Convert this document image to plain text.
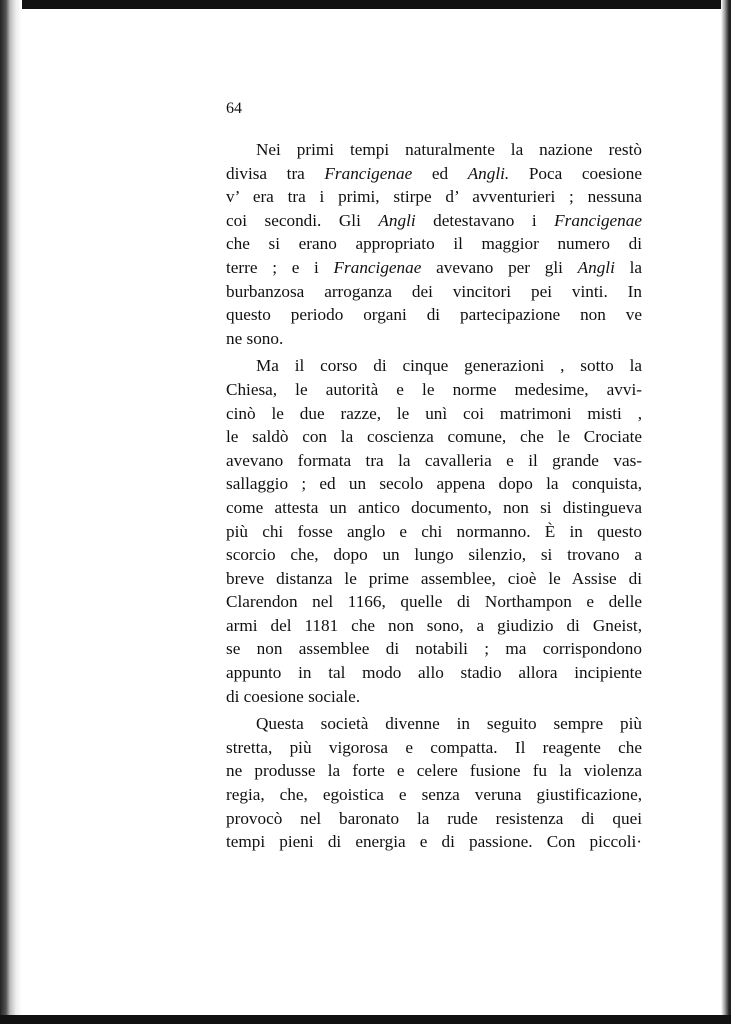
64
Nei primi tempi naturalmente la nazione restò
divisa tra Francigenae ed Angli. Poca coesione
v’ era tra i primi, stirpe d’ avventurieri ; nessuna
coi secondi. Gli Angli detestavano i Francigenae
che si erano appropriato il maggior numero di
terre ; e i Francigenae avevano per gli Angli la
burbanzosa arroganza dei vincitori pei vinti. In
questo periodo organi di partecipazione non ve
ne sono.
Ma il corso di cinque generazioni , sotto la
Chiesa, le autorità e le norme medesime, avvi-
cinò le due razze, le unì coi matrimoni misti ,
le saldò con la coscienza comune, che le Crociate
avevano formata tra la cavalleria e il grande vas-
sallaggio ; ed un secolo appena dopo la conquista,
come attesta un antico documento, non si distingueva
più chi fosse anglo e chi normanno. È in questo
scorcio che, dopo un lungo silenzio, si trovano a
breve distanza le prime assemblee, cioè le Assise di
Clarendon nel 1166, quelle di Northampon e delle
armi del 1181 che non sono, a giudizio di Gneist,
se non assemblee di notabili ; ma corrispondono
appunto in tal modo allo stadio allora incipiente
di coesione sociale.
Questa società divenne in seguito sempre più
stretta, più vigorosa e compatta. Il reagente che
ne produsse la forte e celere fusione fu la violenza
regia, che, egoistica e senza veruna giustificazione,
provocò nel baronato la rude resistenza di quei
tempi pieni di energia e di passione. Con piccoli·
